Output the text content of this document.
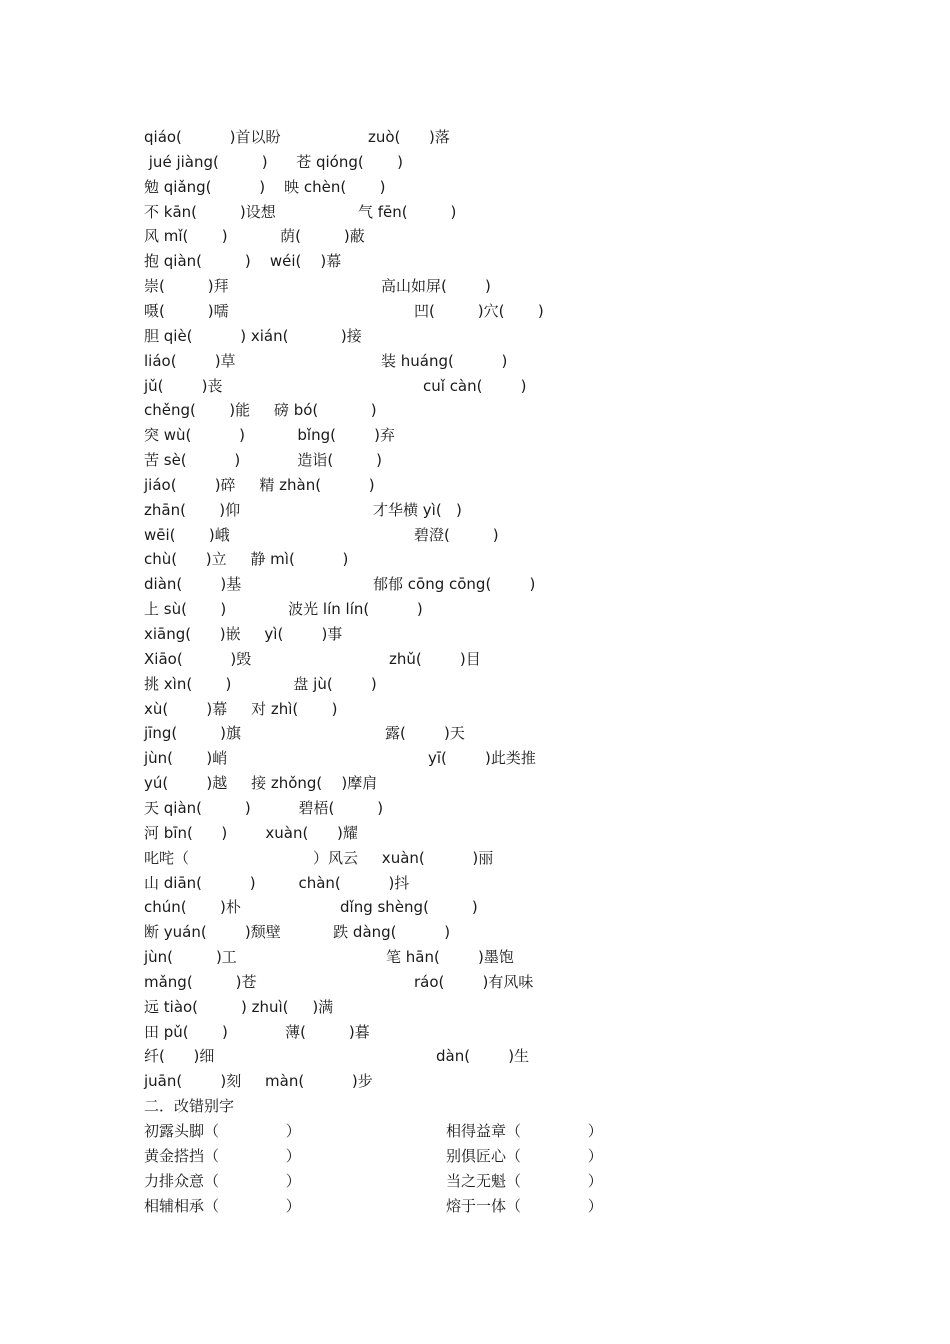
qiáo(          )首以盼	zuò(      )落
jué jiàng(         )      苍 qióng(       )
勉 qiǎng(          )    映 chèn(       )
不 kān(         )设想	气 fēn(         )
风 mǐ(       )           荫(         )蔽
抱 qiàn(         )    wéi(    )幕
崇(         )拜	高山如屏(        )
嗫(         )嚅	凹(         )穴(       )
胆 qiè(          ) xián(           )接
liáo(        )草	装 huáng(          )
jǔ(        )丧	cuǐ càn(        )
chěng(       )能     磅 bó(           )
突 wù(          )           bǐng(        )弃
苦 sè(          )            造诣(         )
jiáo(        )碎     精 zhàn(          )
zhān(       )仰	才华横 yì(   )
wēi(       )峨	碧澄(         )
chù(      )立     静 mì(          )
diàn(        )基	郁郁 cōng cōng(        )
上 sù(       )             波光 lín lín(          )
xiāng(      )嵌     yì(        )事
Xiāo(          )毁	zhǔ(        )目
挑 xìn(       )             盘 jù(        )
xù(        )幕     对 zhì(       )
jīng(         )旗	露(        )天
jùn(       )峭	yī(        )此类推
yú(        )越     接 zhǒng(    )摩肩
天 qiàn(         )          碧梧(         )
河 bīn(      )        xuàn(      )耀
叱咤（                          ）风云     xuàn(          )丽
山 diān(          )         chàn(          )抖
chún(       )朴	dǐng shèng(         )
断 yuán(        )颓壁           跌 dàng(          )
jùn(         )工	笔 hān(        )墨饱
mǎng(         )苍	ráo(        )有风味
远 tiào(         ) zhuì(     )满
田 pǔ(       )            薄(         )暮
纤(      )细	dàn(        )生
juān(        )刻     màn(          )步
二．改错别字
初露头脚（              ）	相得益章（              ）
黄金搭挡（              ）	别俱匠心（              ）
力排众意（              ）	当之无魁（              ）
相辅相承（              ）	熔于一体（              ）
